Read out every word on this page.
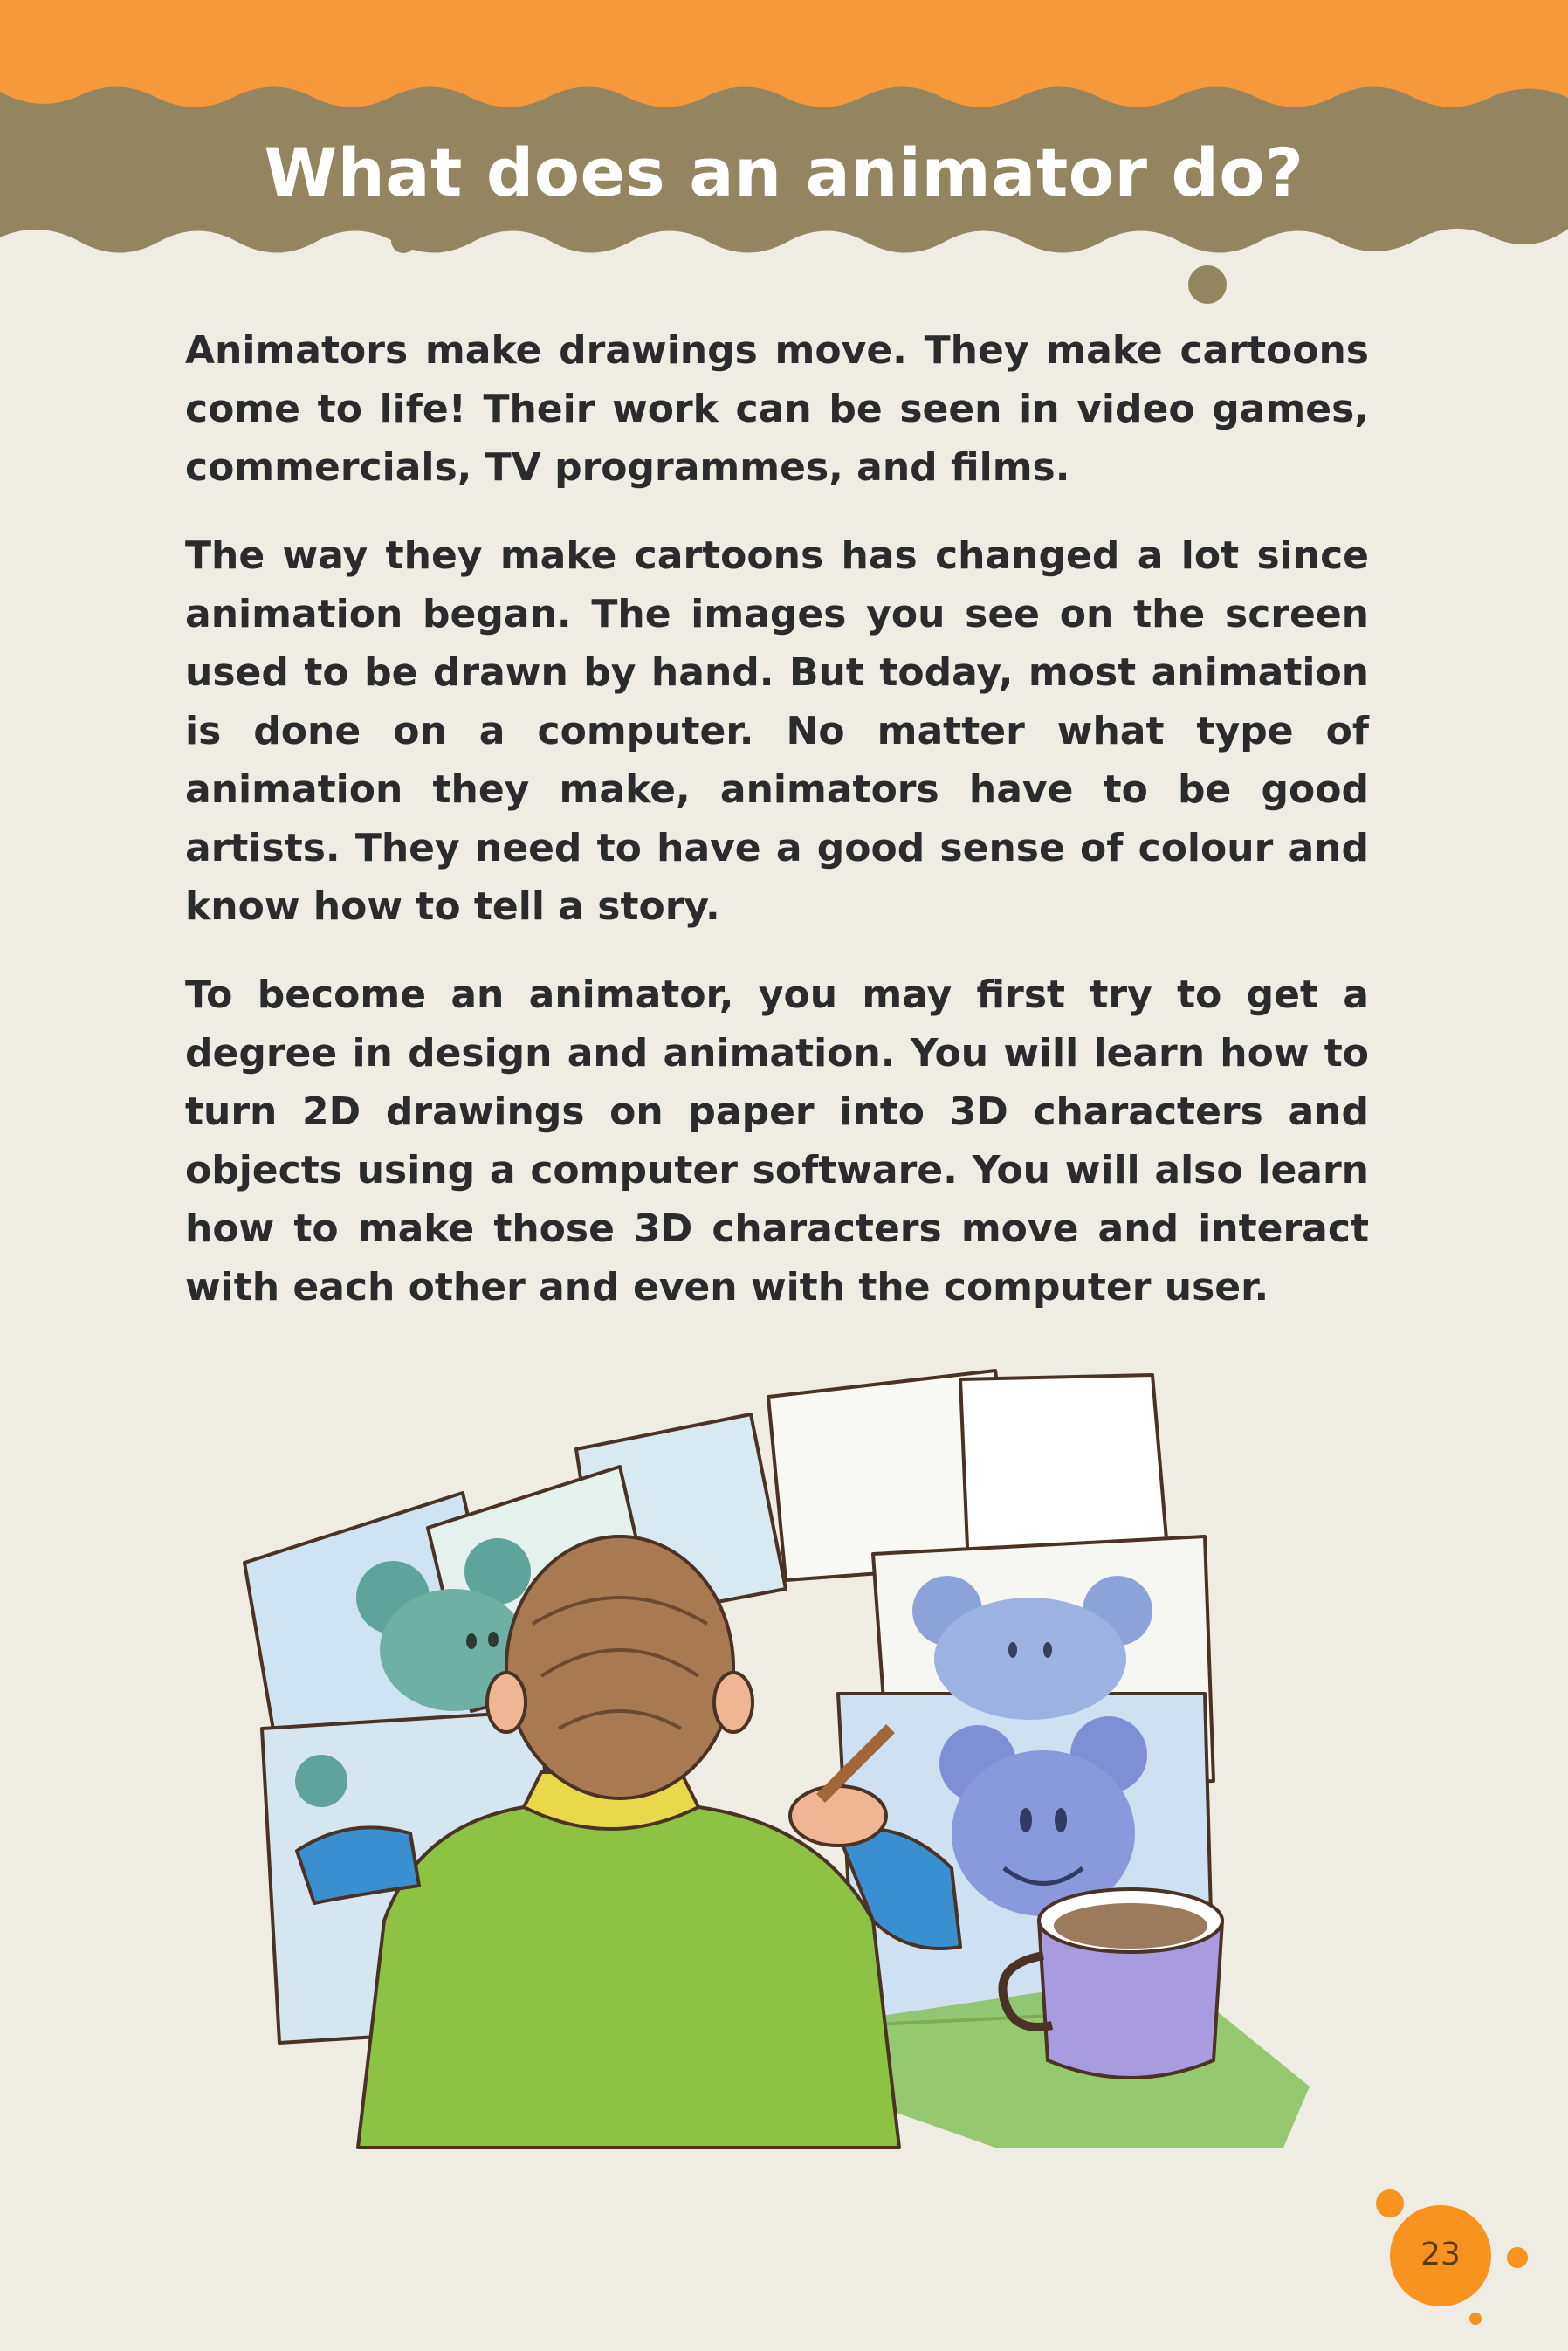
What does an animator do?

Animators make drawings move. They make cartoons come to life! Their work can be seen in video games, commercials, TV programmes, and films.

The way they make cartoons has changed a lot since animation began. The images you see on the screen used to be drawn by hand. But today, most animation is done on a computer. No matter what type of animation they make, animators have to be good artists. They need to have a good sense of colour and know how to tell a story.

To become an animator, you may first try to get a degree in design and animation. You will learn how to turn 2D drawings on paper into 3D characters and objects using a computer software. You will also learn how to make those 3D characters move and interact with each other and even with the computer user.

23
